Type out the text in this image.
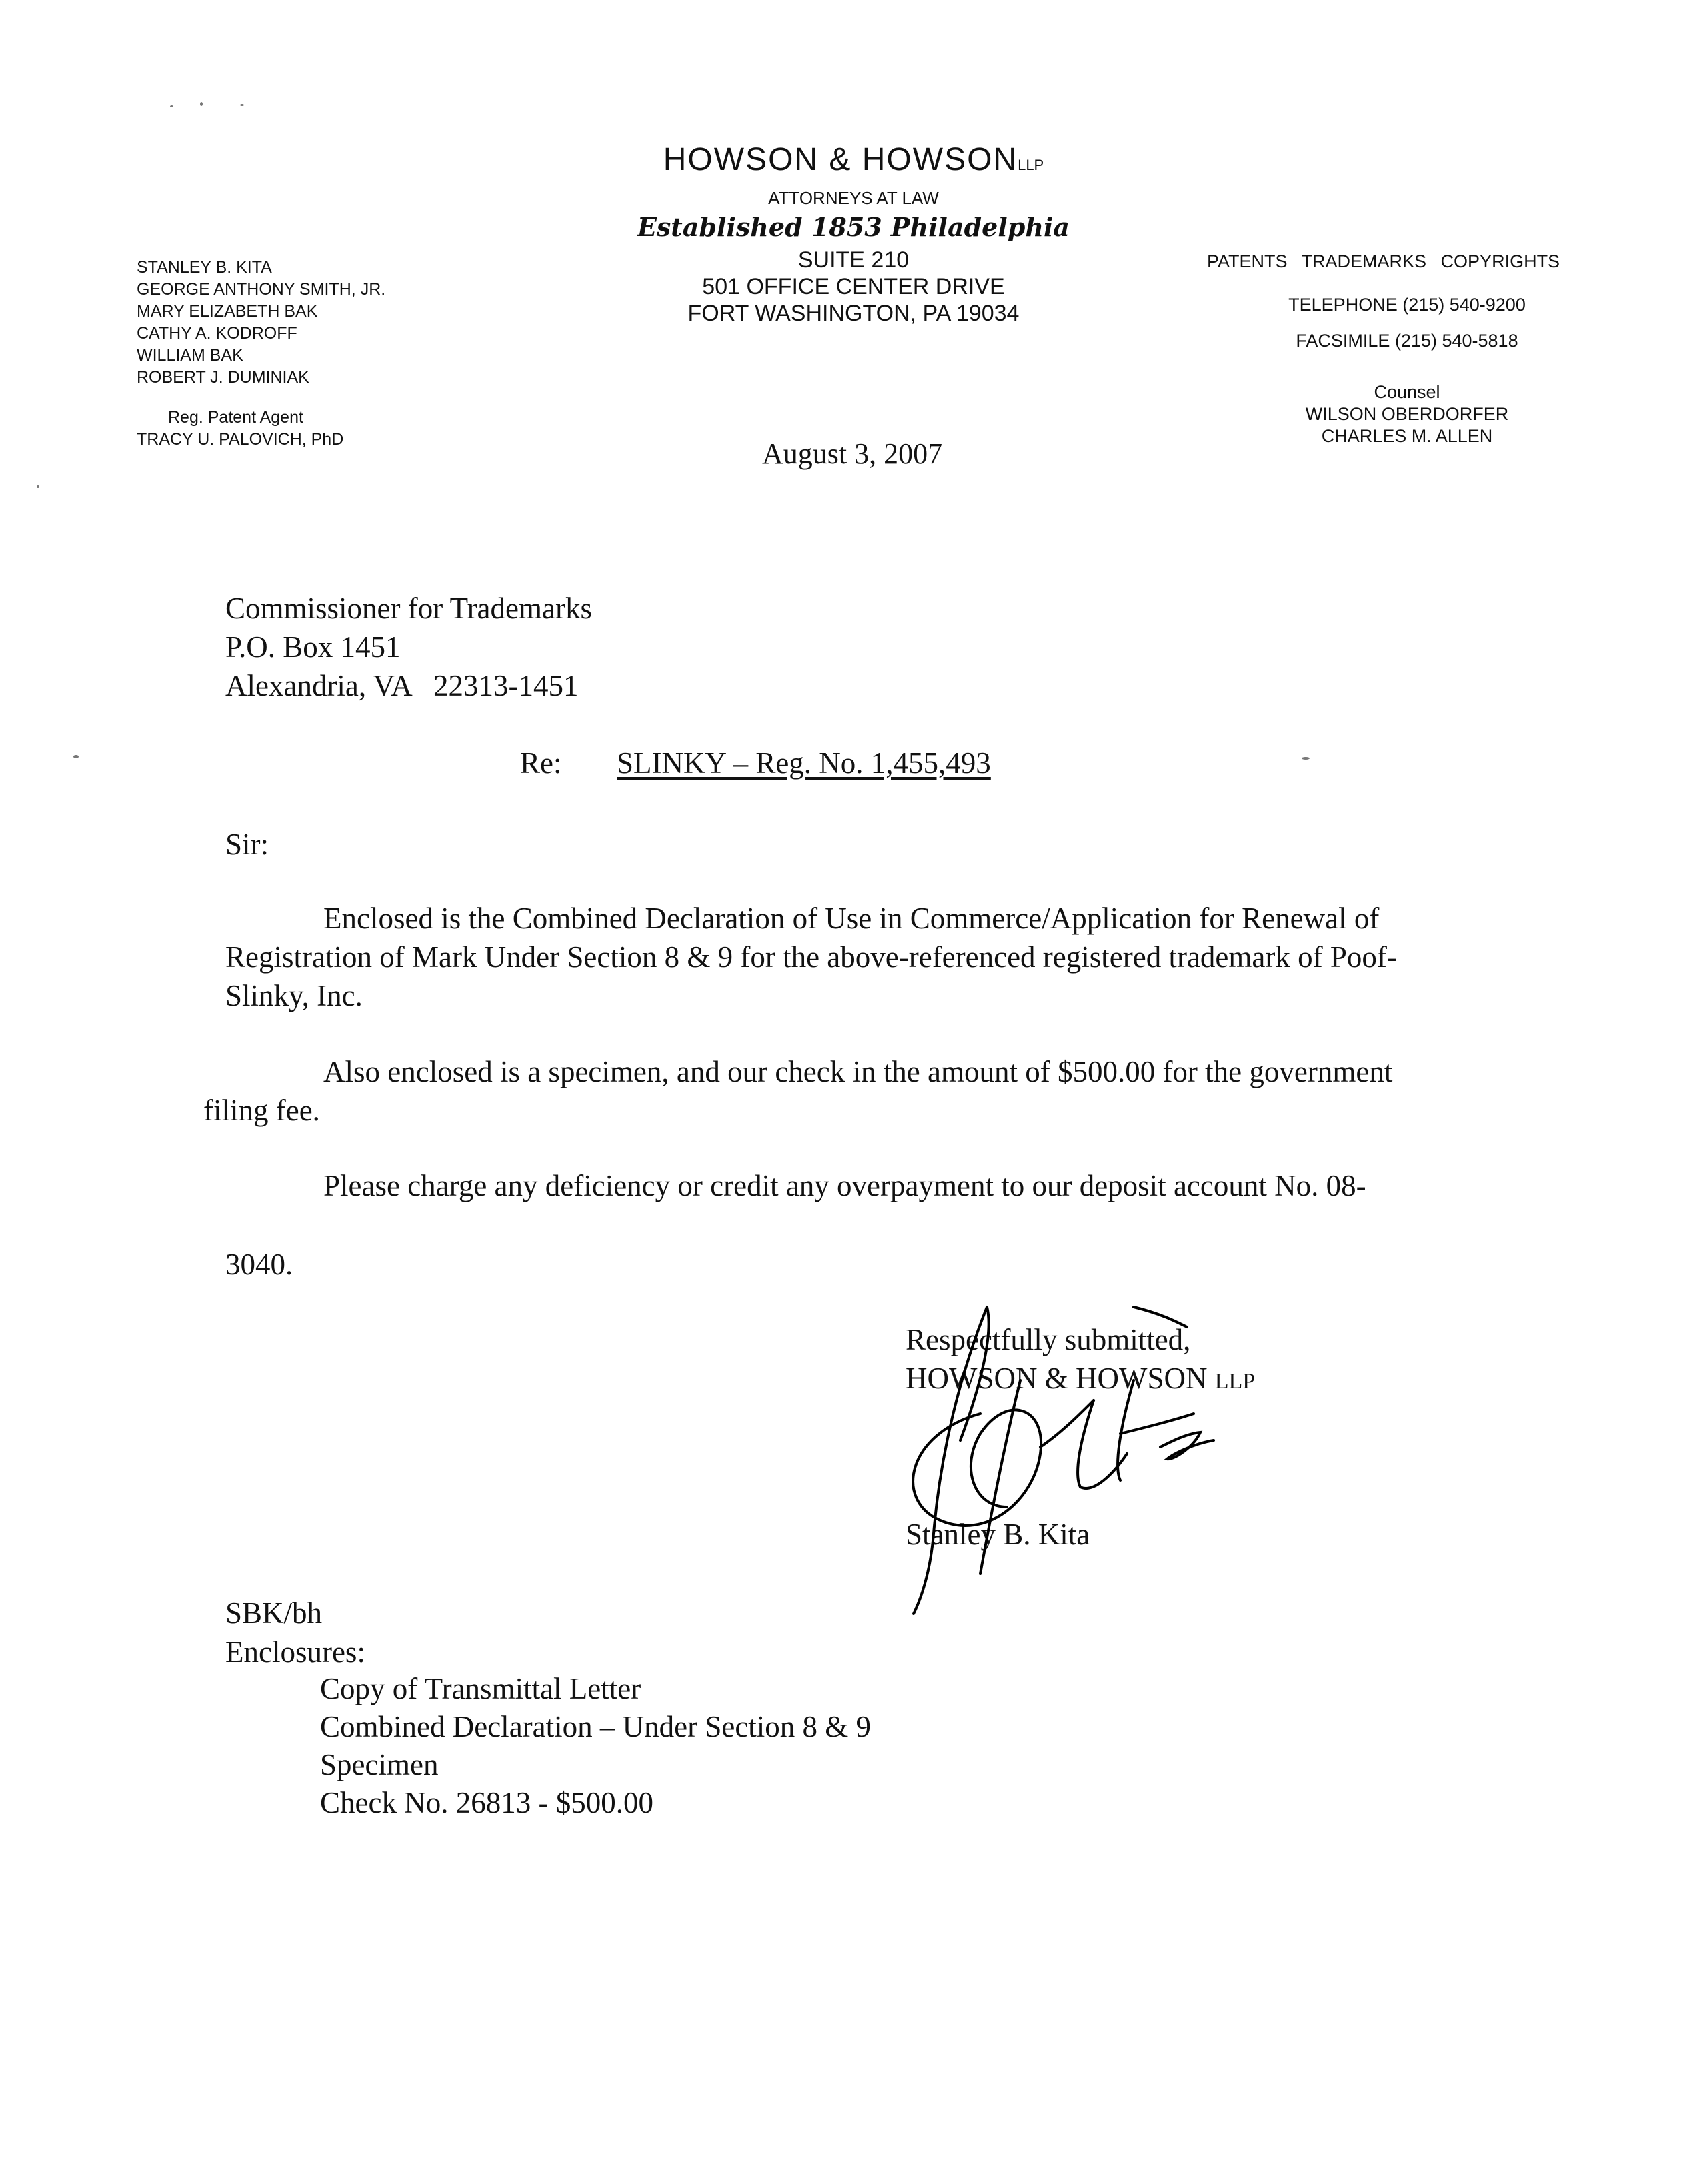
HOWSON & HOWSONLLP
ATTORNEYS AT LAW
Established 1853 Philadelphia
SUITE 210
501 OFFICE CENTER DRIVE
FORT WASHINGTON, PA 19034
STANLEY B. KITA
GEORGE ANTHONY SMITH, JR.
MARY ELIZABETH BAK
CATHY A. KODROFF
WILLIAM BAK
ROBERT J. DUMINIAK
Reg. Patent Agent
TRACY U. PALOVICH, PhD
PATENTS TRADEMARKS COPYRIGHTS
TELEPHONE (215) 540-9200
FACSIMILE (215) 540-5818
Counsel
WILSON OBERDORFER
CHARLES M. ALLEN
August 3, 2007
Commissioner for Trademarks
P.O. Box 1451
Alexandria, VA   22313-1451
Re: SLINKY – Reg. No. 1,455,493
Sir:
Enclosed is the Combined Declaration of Use in Commerce/Application for Renewal of
Registration of Mark Under Section 8 & 9 for the above-referenced registered trademark of Poof-
Slinky, Inc.
Also enclosed is a specimen, and our check in the amount of $500.00 for the government
filing fee.
Please charge any deficiency or credit any overpayment to our deposit account No. 08-
3040.
Respectfully submitted,
HOWSON & HOWSON LLP
Stanley B. Kita
SBK/bh
Enclosures:
Copy of Transmittal Letter
Combined Declaration – Under Section 8 & 9
Specimen
Check No. 26813 - $500.00
